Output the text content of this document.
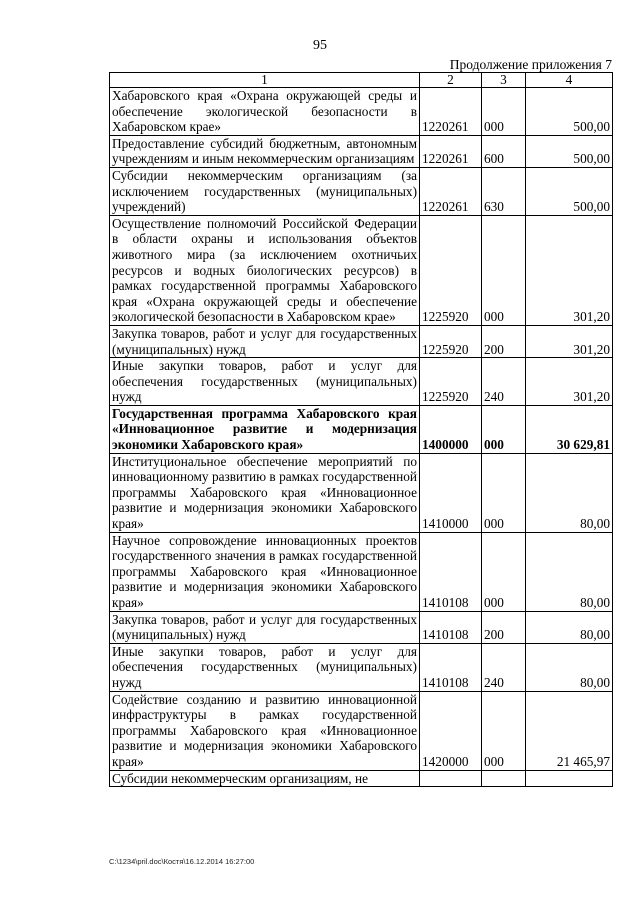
95
Продолжение приложения 7
1	2	3	4
Хабаровского края «Охрана окружающей среды и обеспечение экологической безопасности в Хабаровском крае»	1220261	000	500,00
Предоставление субсидий бюджетным, автономным учреждениям и иным некоммерческим организациям	1220261	600	500,00
Субсидии некоммерческим организациям (за исключением государственных (муниципальных) учреждений)	1220261	630	500,00
Осуществление полномочий Российской Федерации в области охраны и использования объектов животного мира (за исключением охотничьих ресурсов и водных биологических ресурсов) в рамках государственной программы Хабаровского края «Охрана окружающей среды и обеспечение экологической безопасности в Хабаровском крае»	1225920	000	301,20
Закупка товаров, работ и услуг для государственных (муниципальных) нужд	1225920	200	301,20
Иные закупки товаров, работ и услуг для обеспечения государственных (муниципальных) нужд	1225920	240	301,20
Государственная программа Хабаровского края «Инновационное развитие и модернизация экономики Хабаровского края»	1400000	000	30 629,81
Институциональное обеспечение мероприятий по инновационному развитию в рамках государственной программы Хабаровского края «Инновационное развитие и модернизация экономики Хабаровского края»	1410000	000	80,00
Научное сопровождение инновационных проектов государственного значения в рамках государственной программы Хабаровского края «Инновационное развитие и модернизация экономики Хабаровского края»	1410108	000	80,00
Закупка товаров, работ и услуг для государственных (муниципальных) нужд	1410108	200	80,00
Иные закупки товаров, работ и услуг для обеспечения государственных (муниципальных) нужд	1410108	240	80,00
Содействие созданию и развитию инновационной инфраструктуры в рамках государственной программы Хабаровского края «Инновационное развитие и модернизация экономики Хабаровского края»	1420000	000	21 465,97
Субсидии некоммерческим организациям, не			
C:\1234\pril.doc\Костя\16.12.2014 16:27:00
